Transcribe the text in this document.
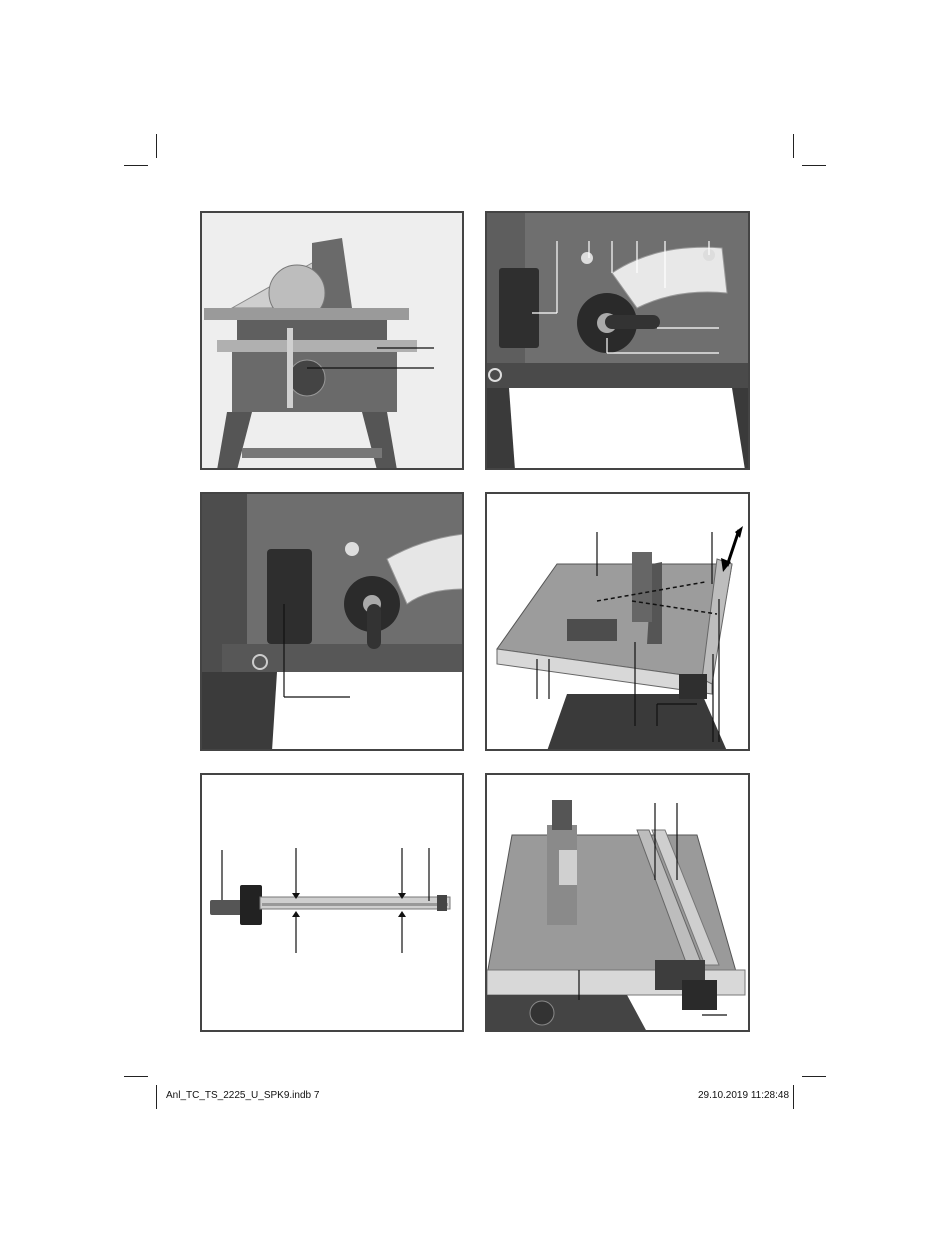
Anl_TC_TS_2225_U_SPK9.indb 7	29.10.2019 11:28:48
